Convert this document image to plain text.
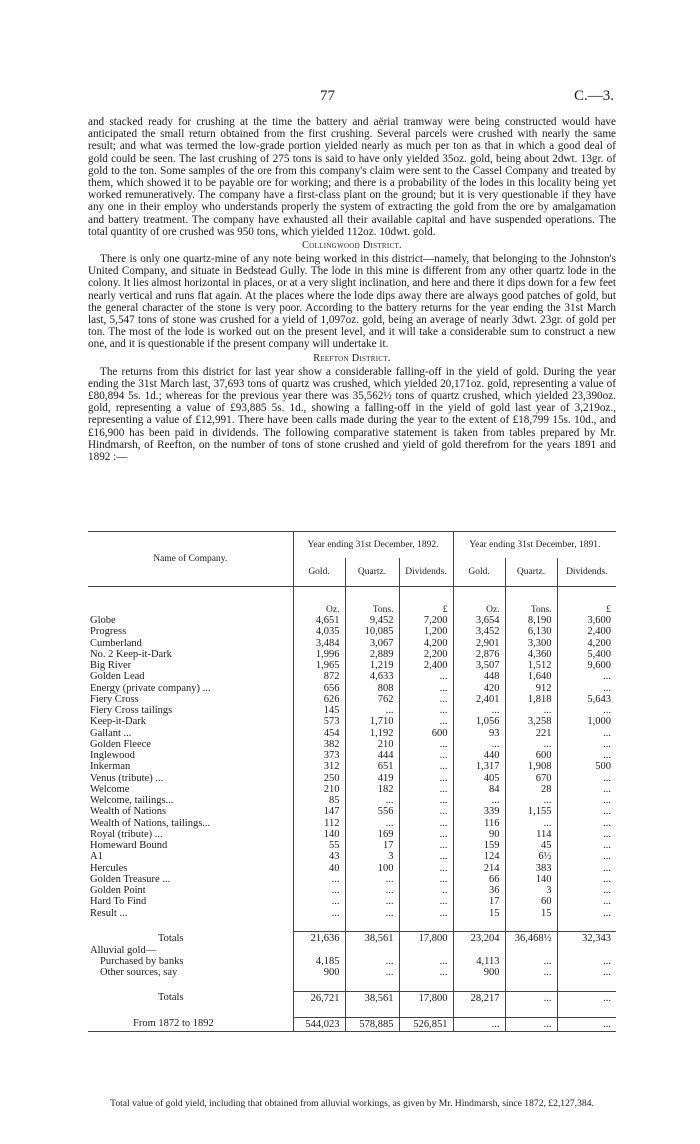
77	C.—3.

and stacked ready for crushing at the time the battery and aërial tramway were being constructed would have anticipated the small return obtained from the first crushing. Several parcels were crushed with nearly the same result; and what was termed the low-grade portion yielded nearly as much per ton as that in which a good deal of gold could be seen. The last crushing of 275 tons is said to have only yielded 35oz. gold, being about 2dwt. 13gr. of gold to the ton. Some samples of the ore from this company's claim were sent to the Cassel Company and treated by them, which showed it to be payable ore for working; and there is a probability of the lodes in this locality being yet worked remuneratively. The company have a first-class plant on the ground; but it is very questionable if they have any one in their employ who understands properly the system of extracting the gold from the ore by amalgamation and battery treatment. The company have exhausted all their available capital and have suspended operations. The total quantity of ore crushed was 950 tons, which yielded 112oz. 10dwt. gold.

Collingwood District.

There is only one quartz-mine of any note being worked in this district—namely, that belonging to the Johnston's United Company, and situate in Bedstead Gully. The lode in this mine is different from any other quartz lode in the colony. It lies almost horizontal in places, or at a very slight inclination, and here and there it dips down for a few feet nearly vertical and runs flat again. At the places where the lode dips away there are always good patches of gold, but the general character of the stone is very poor. According to the battery returns for the year ending the 31st March last, 5,547 tons of stone was crushed for a yield of 1,097oz. gold, being an average of nearly 3dwt. 23gr. of gold per ton. The most of the lode is worked out on the present level, and it will take a considerable sum to construct a new one, and it is questionable if the present company will undertake it.

Reefton District.

The returns from this district for last year show a considerable falling-off in the yield of gold. During the year ending the 31st March last, 37,693 tons of quartz was crushed, which yielded 20,171oz. gold, representing a value of £80,894 5s. 1d.; whereas for the previous year there was 35,562½ tons of quartz crushed, which yielded 23,390oz. gold, representing a value of £93,885 5s. 1d., showing a falling-off in the yield of gold last year of 3,219oz., representing a value of £12,991. There have been calls made during the year to the extent of £18,799 15s. 10d., and £16,900 has been paid in dividends. The following comparative statement is taken from tables prepared by Mr. Hindmarsh, of Reefton, on the number of tons of stone crushed and yield of gold therefrom for the years 1891 and 1892 :—

Name of Company.	Year ending 31st December, 1892.			Year ending 31st December, 1891.		
	Gold.	Quartz.	Dividends.	Gold.	Quartz.	Dividends.
	Oz.	Tons.	£	Oz.	Tons.	£
Globe	4,651	9,452	7,200	3,654	8,190	3,600
Progress	4,035	10,085	1,200	3,452	6,130	2,400
Cumberland	3,484	3,067	4,200	2,901	3,300	4,200
No. 2 Keep-it-Dark	1,996	2,889	2,200	2,876	4,360	5,400
Big River	1,965	1,219	2,400	3,507	1,512	9,600
Golden Lead	872	4,633	...	448	1,640	...
Energy (private company) ...	656	808	...	420	912	...
Fiery Cross	626	762	...	2,401	1,818	5,643
Fiery Cross tailings	145	...	...	...	...	...
Keep-it-Dark	573	1,710	...	1,056	3,258	1,000
Gallant ...	454	1,192	600	93	221	...
Golden Fleece	382	210	...	...	...	...
Inglewood	373	444	...	440	600	...
Inkerman	312	651	...	1,317	1,908	500
Venus (tribute) ...	250	419	...	405	670	...
Welcome	210	182	...	84	28	...
Welcome, tailings...	85	...	...	...	...	...
Wealth of Nations	147	556	...	339	1,155	...
Wealth of Nations, tailings...	112	...	...	116	...	...
Royal (tribute) ...	140	169	...	90	114	...
Homeward Bound	55	17	...	159	45	...
A1	43	3	...	124	6½	...
Hercules	40	100	...	214	383	...
Golden Treasure ...	...	...	...	66	140	...
Golden Point	...	...	..	36	3	...
Hard To Find	...	...	...	17	60	...
Result ...	...	...	...	15	15	...

Totals	21,636	38,561	17,800	23,204	36,468½	32,343
Alluvial gold—						
Purchased by banks	4,185	...	...	4,113	...	...
Other sources, say	900	...	...	900	...	...

Totals	26,721	38,561	17,800	28,217	...	...

From 1872 to 1892	544,023	578,885	526,851	...	...	...
Total value of gold yield, including that obtained from alluvial workings, as given by Mr. Hindmarsh, since 1872, £2,127,384.
